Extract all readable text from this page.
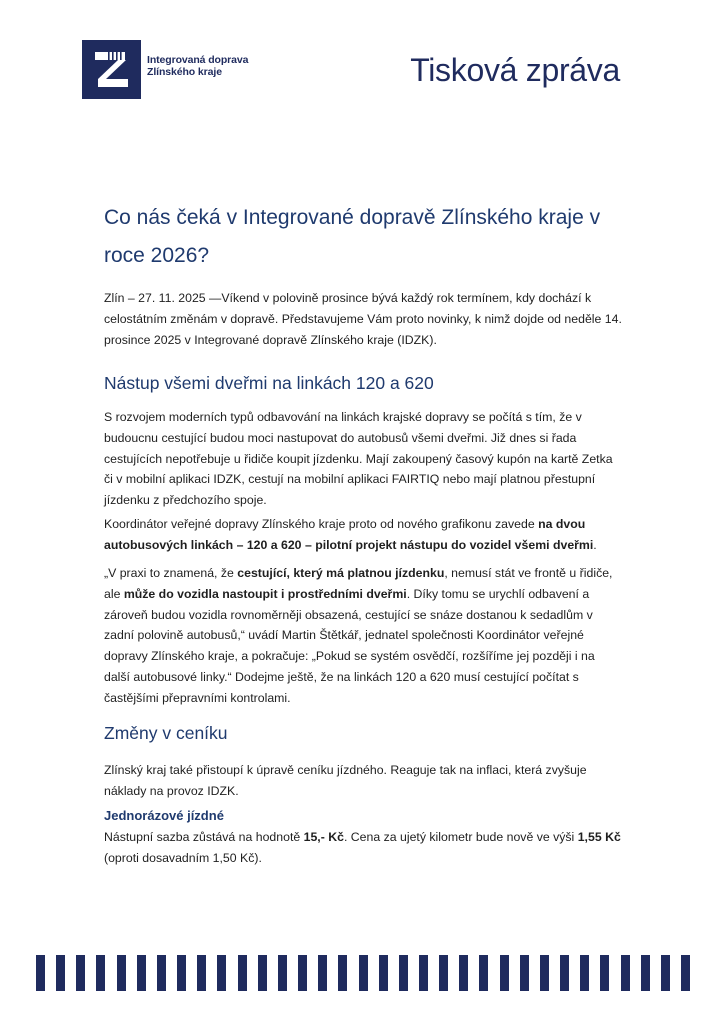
Integrovaná doprava
Zlínského kraje	Tisková zpráva
Co nás čeká v Integrované dopravě Zlínského kraje v roce 2026?

Zlín – 27. 11. 2025 —Víkend v polovině prosince bývá každý rok termínem, kdy dochází k celostátním změnám v dopravě. Představujeme Vám proto novinky, k nimž dojde od neděle 14. prosince 2025 v Integrované dopravě Zlínského kraje (IDZK).

Nástup všemi dveřmi na linkách 120 a 620

S rozvojem moderních typů odbavování na linkách krajské dopravy se počítá s tím, že v budoucnu cestující budou moci nastupovat do autobusů všemi dveřmi. Již dnes si řada cestujících nepotřebuje u řidiče koupit jízdenku. Mají zakoupený časový kupón na kartě Zetka či v mobilní aplikaci IDZK, cestují na mobilní aplikaci FAIRTIQ nebo mají platnou přestupní jízdenku z předchozího spoje.

Koordinátor veřejné dopravy Zlínského kraje proto od nového grafikonu zavede na dvou autobusových linkách – 120 a 620 – pilotní projekt nástupu do vozidel všemi dveřmi.

„V praxi to znamená, že cestující, který má platnou jízdenku, nemusí stát ve frontě u řidiče, ale může do vozidla nastoupit i prostředními dveřmi. Díky tomu se urychlí odbavení a zároveň budou vozidla rovnoměrněji obsazená, cestující se snáze dostanou k sedadlům v zadní polovině autobusů,“ uvádí Martin Štětkář, jednatel společnosti Koordinátor veřejné dopravy Zlínského kraje, a pokračuje: „Pokud se systém osvědčí, rozšíříme jej později i na další autobusové linky.“ Dodejme ještě, že na linkách 120 a 620 musí cestující počítat s častějšími přepravními kontrolami.

Změny v ceníku

Zlínský kraj také přistoupí k úpravě ceníku jízdného. Reaguje tak na inflaci, která zvyšuje náklady na provoz IDZK.

Jednorázové jízdné

Nástupní sazba zůstává na hodnotě 15,- Kč. Cena za ujetý kilometr bude nově ve výši 1,55 Kč (oproti dosavadním 1,50 Kč).
